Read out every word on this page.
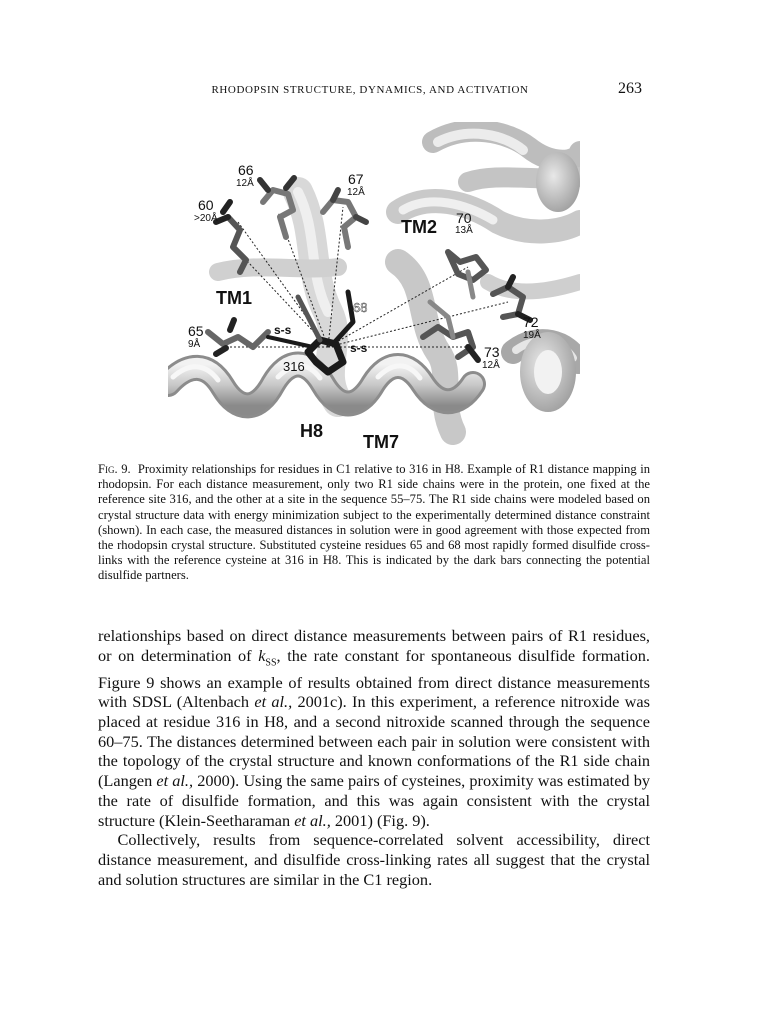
RHODOPSIN STRUCTURE, DYNAMICS, AND ACTIVATION	263
66
12Å	67
12Å
60
>20Å	TM2 70
13Å
TM1	68
65
9Å
s-s
s-s
316
72
19Å
73
12Å
H8
TM7
Fig. 9. Proximity relationships for residues in C1 relative to 316 in H8. Example of R1 distance mapping in rhodopsin. For each distance measurement, only two R1 side chains were in the protein, one fixed at the reference site 316, and the other at a site in the sequence 55–75. The R1 side chains were modeled based on crystal structure data with energy minimization subject to the experimentally determined distance constraint (shown). In each case, the measured distances in solution were in good agreement with those expected from the rhodopsin crystal structure. Substituted cysteine residues 65 and 68 most rapidly formed disulfide cross-links with the reference cysteine at 316 in H8. This is indicated by the dark bars connecting the potential disulfide partners.

relationships based on direct distance measurements between pairs of R1 residues, or on determination of $k_{SS}$, the rate constant for spontaneous disulfide formation. Figure 9 shows an example of results obtained from direct distance measurements with SDSL (Altenbach et al., 2001c). In this experiment, a reference nitroxide was placed at residue 316 in H8, and a second nitroxide scanned through the sequence 60–75. The distances determined between each pair in solution were consistent with the topology of the crystal structure and known conformations of the R1 side chain (Langen et al., 2000). Using the same pairs of cysteines, proximity was estimated by the rate of disulfide formation, and this was again consistent with the crystal structure (Klein-Seetharaman et al., 2001) (Fig. 9).

Collectively, results from sequence-correlated solvent accessibility, direct distance measurement, and disulfide cross-linking rates all suggest that the crystal and solution structures are similar in the C1 region.
